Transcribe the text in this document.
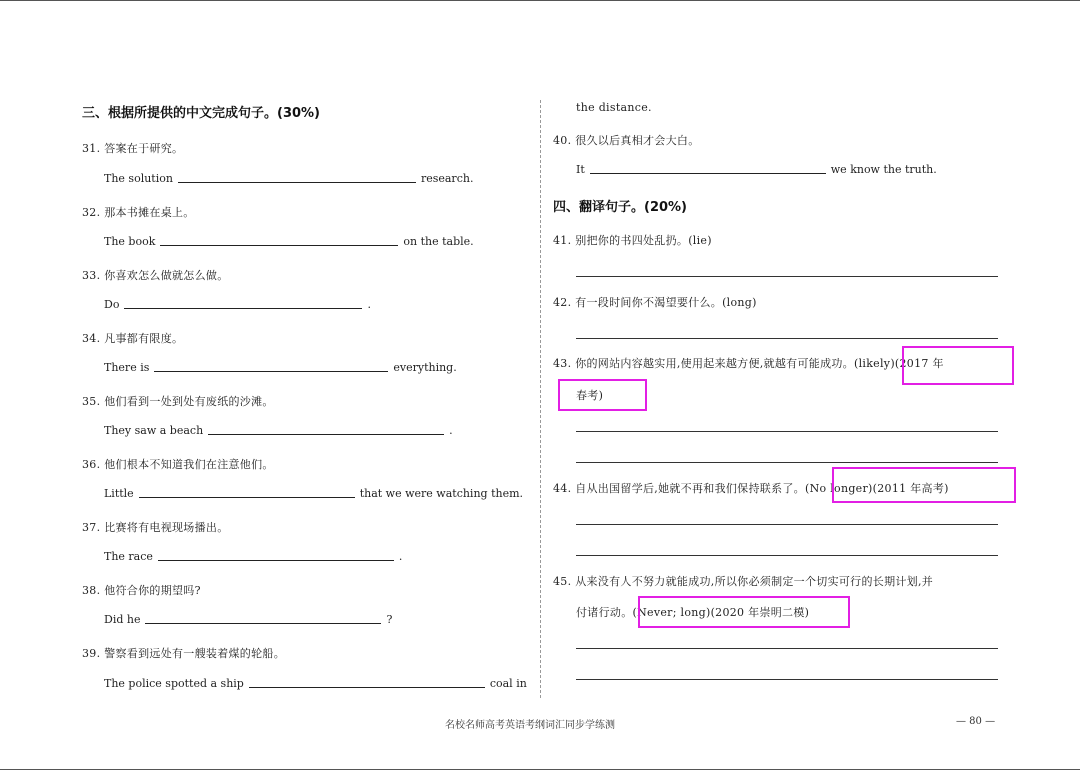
三、根据所提供的中文完成句子。(30%)
31. 答案在于研究。
The solution	research.
32. 那本书摊在桌上。
The book	on the table.
33. 你喜欢怎么做就怎么做。
Do	.
34. 凡事都有限度。
There is	everything.
35. 他们看到一处到处有废纸的沙滩。
They saw a beach	.
36. 他们根本不知道我们在注意他们。
Little	that we were watching them.
37. 比赛将有电视现场播出。
The race	.
38. 他符合你的期望吗?
Did he	?
39. 警察看到远处有一艘装着煤的轮船。
The police spotted a ship	coal in
the distance.
40. 很久以后真相才会大白。
It	we know the truth.
四、翻译句子。(20%)
41. 别把你的书四处乱扔。(lie)
42. 有一段时间你不渴望要什么。(long)
43. 你的网站内容越实用,使用起来越方便,就越有可能成功。(likely)(2017 年
春考)
44. 自从出国留学后,她就不再和我们保持联系了。(No longer)(2011 年高考)
45. 从来没有人不努力就能成功,所以你必须制定一个切实可行的长期计划,并
付诸行动。(Never; long)(2020 年崇明二模)
名校名师高考英语考纲词汇同步学练测	— 80 —
